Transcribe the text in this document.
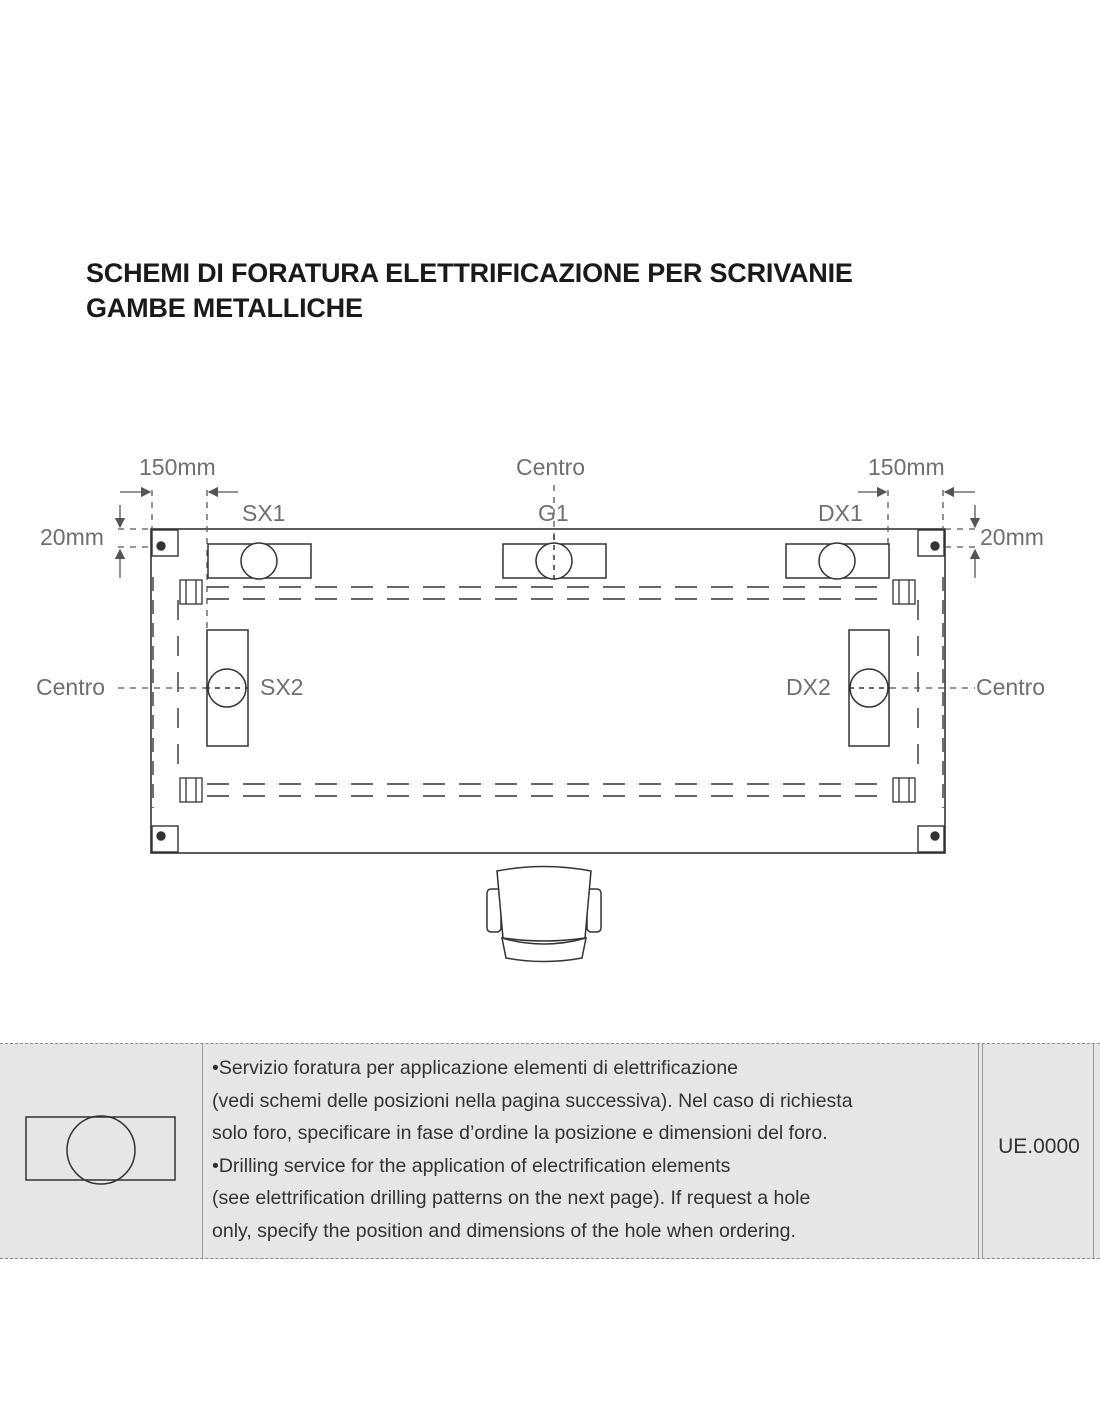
SCHEMI DI FORATURA ELETTRIFICAZIONE PER SCRIVANIE
GAMBE METALLICHE
150mm	Centro	150mm
20mm	20mm
SX1	G1	DX1
Centro	Centro
SX2	DX2

•Servizio foratura per applicazione elementi di elettrificazione

(vedi schemi delle posizioni nella pagina successiva). Nel caso di richiesta

solo foro, specificare in fase d’ordine la posizione e dimensioni del foro.

•Drilling service for the application of electrification elements

(see elettrification drilling patterns on the next page). If request a hole

only, specify the position and dimensions of the hole when ordering.

UE.0000
